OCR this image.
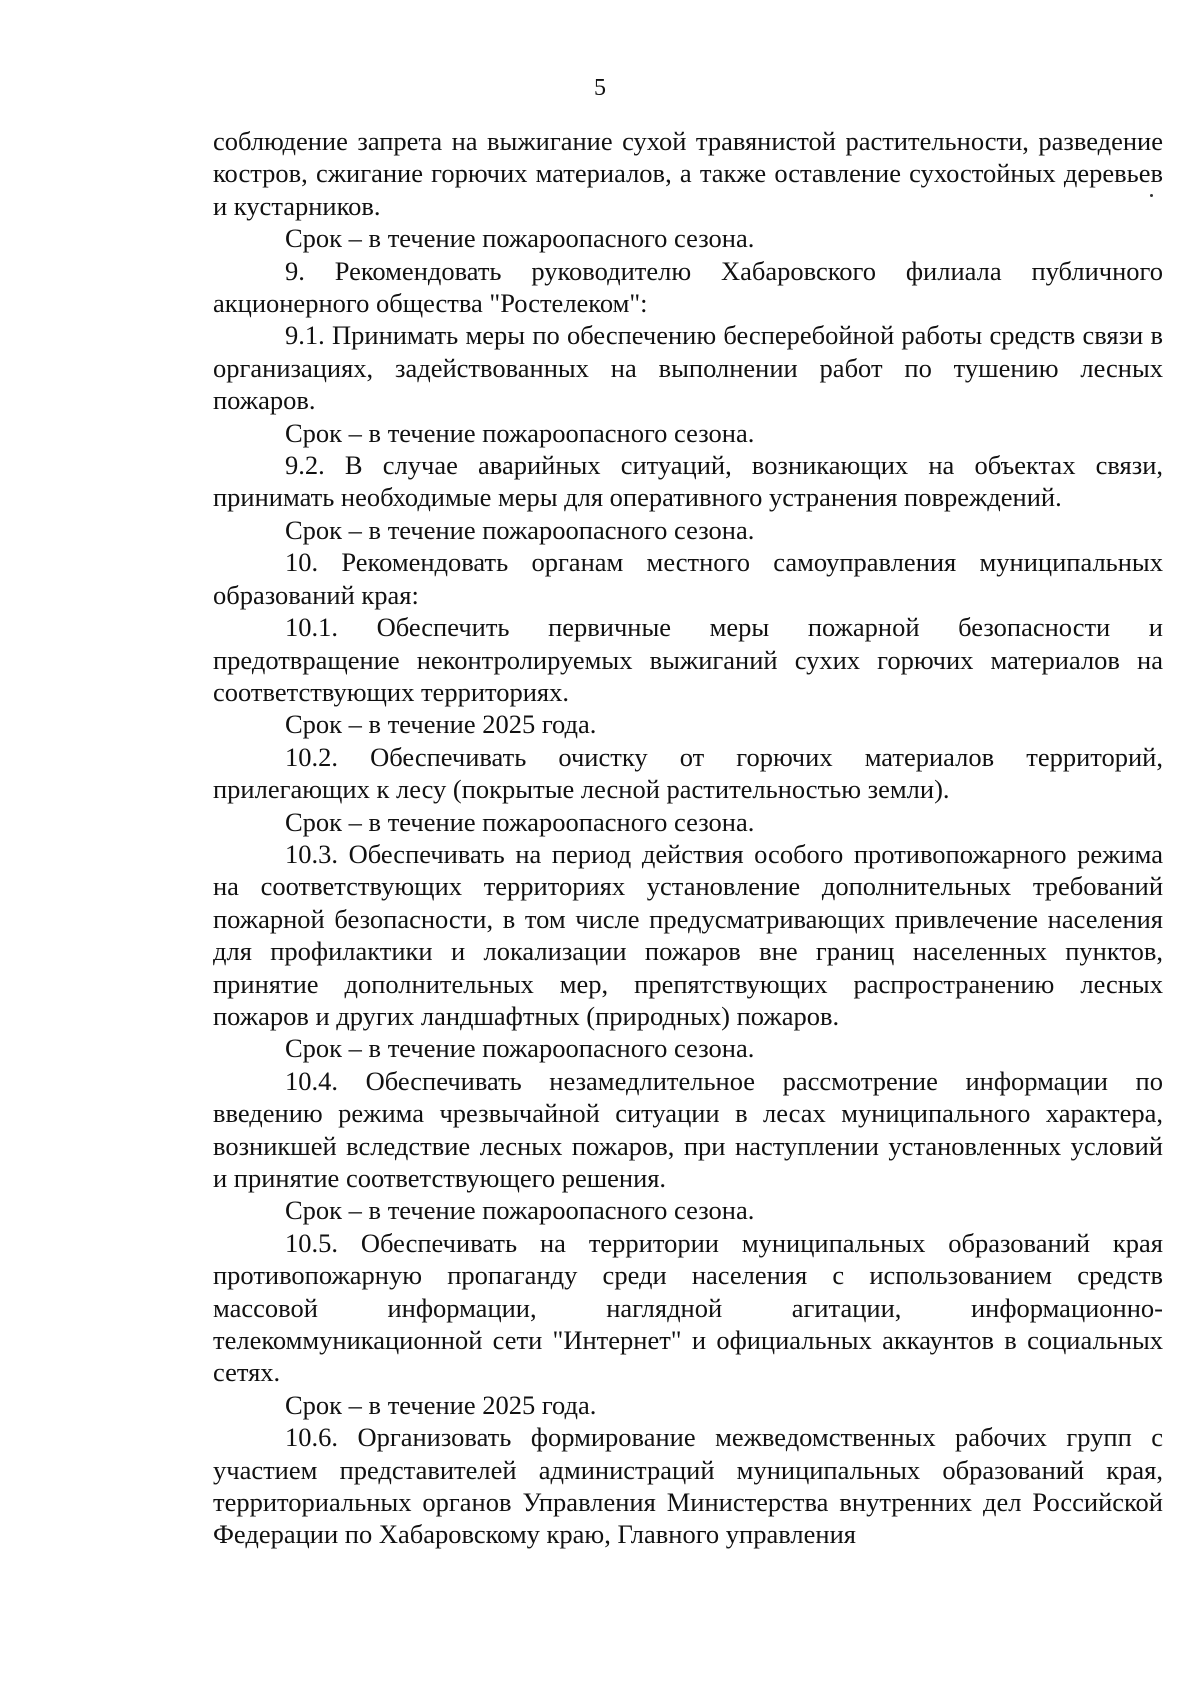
5

соблюдение запрета на выжигание сухой травянистой растительности, разведение костров, сжигание горючих материалов, а также оставление сухостойных деревьев и кустарников.

Срок – в течение пожароопасного сезона.

9. Рекомендовать руководителю Хабаровского филиала публичного акционерного общества "Ростелеком":

9.1. Принимать меры по обеспечению бесперебойной работы средств связи в организациях, задействованных на выполнении работ по тушению лесных пожаров.

Срок – в течение пожароопасного сезона.

9.2. В случае аварийных ситуаций, возникающих на объектах связи, принимать необходимые меры для оперативного устранения повреждений.

Срок – в течение пожароопасного сезона.

10. Рекомендовать органам местного самоуправления муниципальных образований края:

10.1. Обеспечить первичные меры пожарной безопасности и предотвращение неконтролируемых выжиганий сухих горючих материалов на соответствующих территориях.

Срок – в течение 2025 года.

10.2. Обеспечивать очистку от горючих материалов территорий, прилегающих к лесу (покрытые лесной растительностью земли).

Срок – в течение пожароопасного сезона.

10.3. Обеспечивать на период действия особого противопожарного режима на соответствующих территориях установление дополнительных требований пожарной безопасности, в том числе предусматривающих привлечение населения для профилактики и локализации пожаров вне границ населенных пунктов, принятие дополнительных мер, препятствующих распространению лесных пожаров и других ландшафтных (природных) пожаров.

Срок – в течение пожароопасного сезона.

10.4. Обеспечивать незамедлительное рассмотрение информации по введению режима чрезвычайной ситуации в лесах муниципального характера, возникшей вследствие лесных пожаров, при наступлении установленных условий и принятие соответствующего решения.

Срок – в течение пожароопасного сезона.

10.5. Обеспечивать на территории муниципальных образований края противопожарную пропаганду среди населения с использованием средств массовой информации, наглядной агитации, информационно-телекоммуникационной сети "Интернет" и официальных аккаунтов в социальных сетях.

Срок – в течение 2025 года.

10.6. Организовать формирование межведомственных рабочих групп с участием представителей администраций муниципальных образований края, территориальных органов Управления Министерства внутренних дел Российской Федерации по Хабаровскому краю, Главного управления
